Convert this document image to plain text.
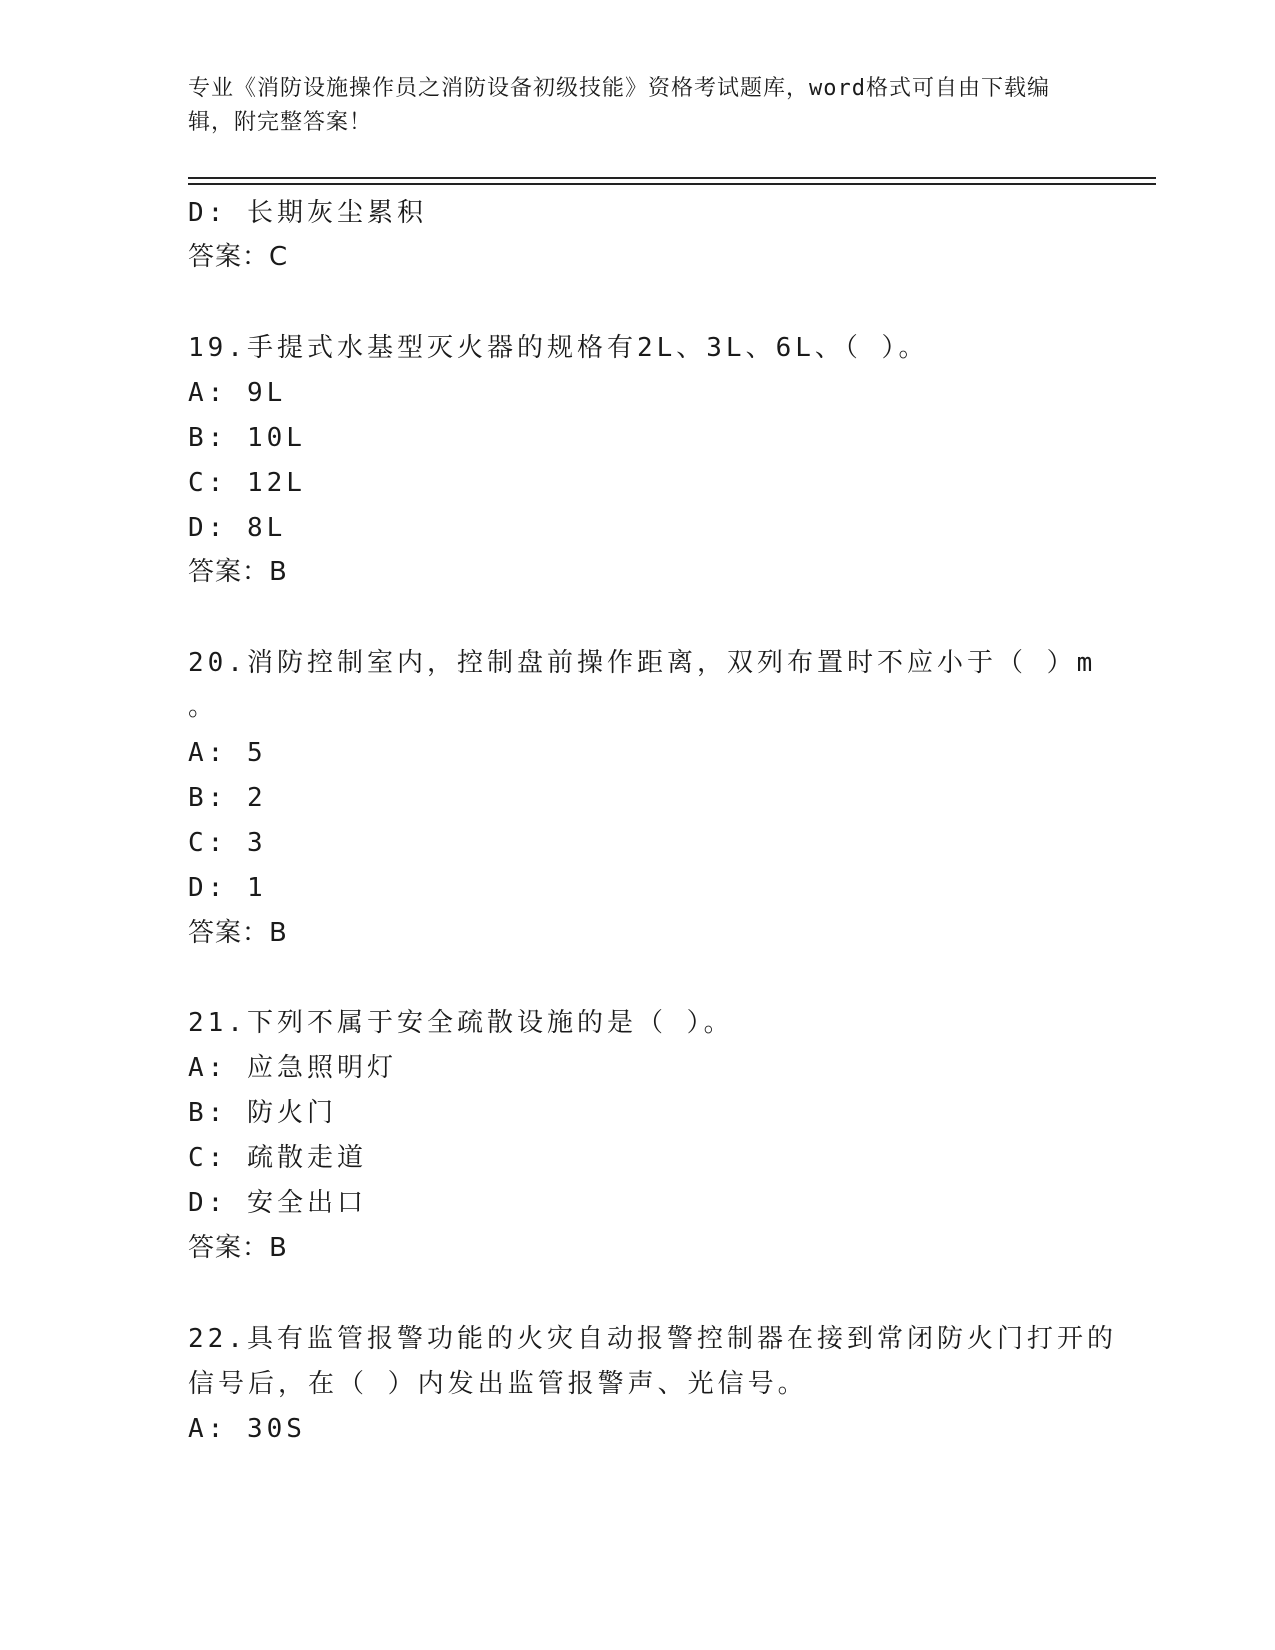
专业《消防设施操作员之消防设备初级技能》资格考试题库，word格式可自由下载编辑，附完整答案！
D: 长期灰尘累积
答案：C
19.手提式水基型灭火器的规格有2L、3L、6L、（ ）。
A: 9L
B: 10L
C: 12L
D: 8L
答案：B
20.消防控制室内，控制盘前操作距离，双列布置时不应小于（ ）m
。
A: 5
B: 2
C: 3
D: 1
答案：B
21.下列不属于安全疏散设施的是（ ）。
A: 应急照明灯
B: 防火门
C: 疏散走道
D: 安全出口
答案：B
22.具有监管报警功能的火灾自动报警控制器在接到常闭防火门打开的
信号后，在（ ）内发出监管报警声、光信号。
A: 30S
